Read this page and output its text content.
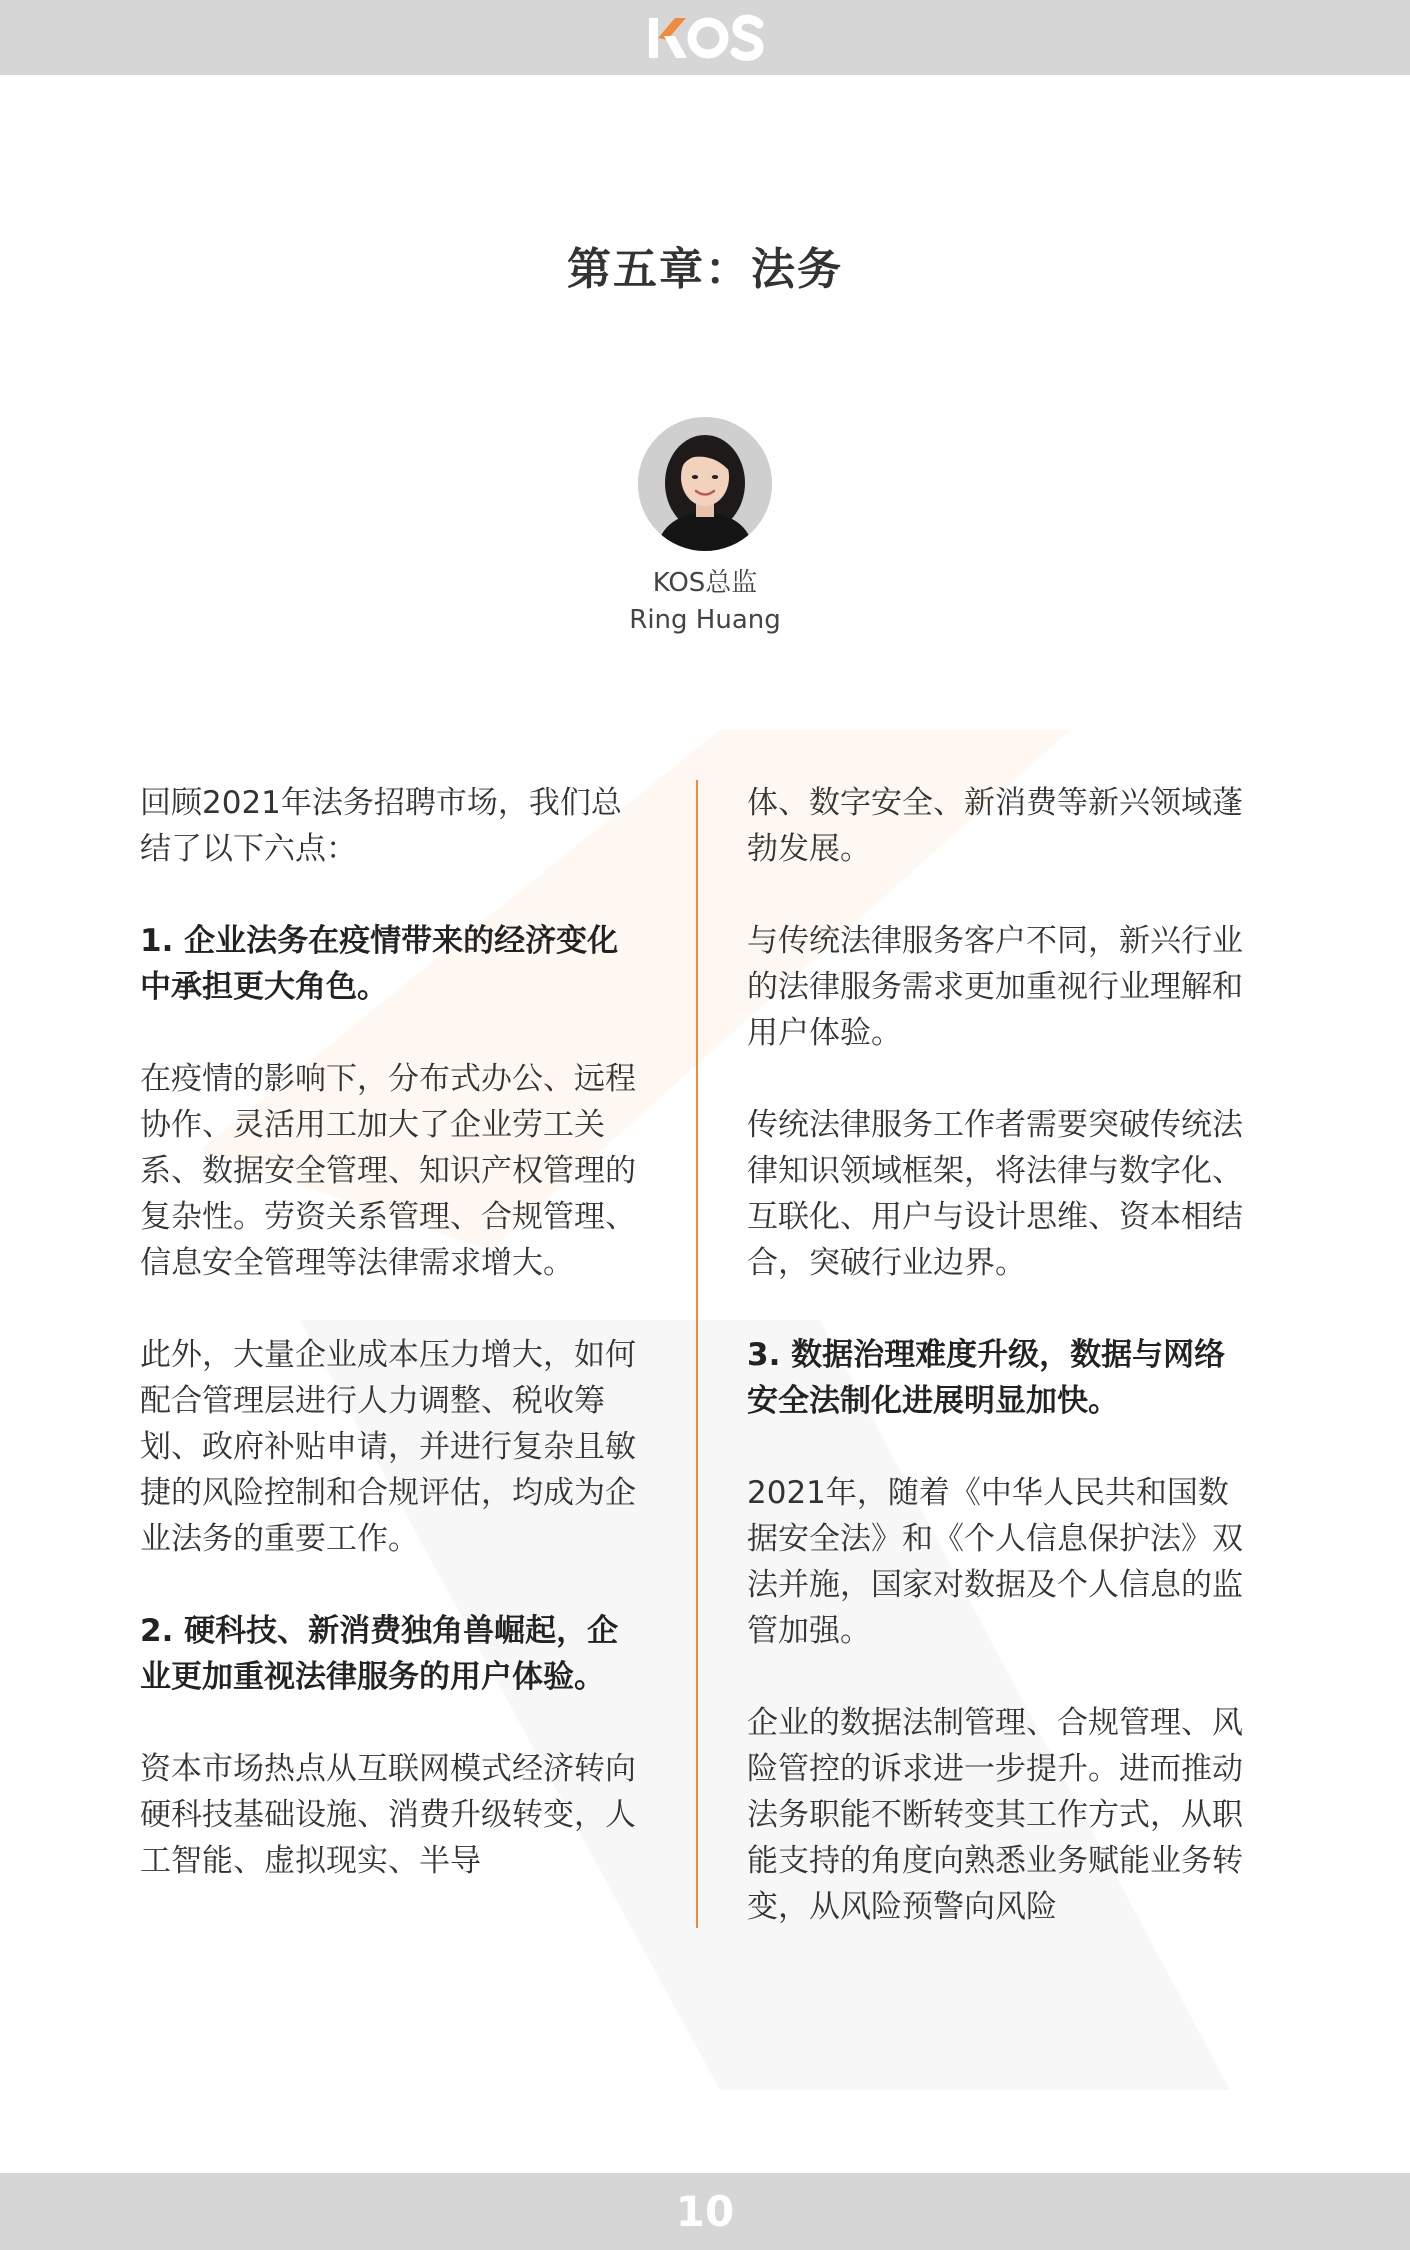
第五章：法务
KOS总监
Ring Huang

回顾2021年法务招聘市场，我们总结了以下六点：

1. 企业法务在疫情带来的经济变化中承担更大角色。

在疫情的影响下，分布式办公、远程协作、灵活用工加大了企业劳工关系、数据安全管理、知识产权管理的复杂性。劳资关系管理、合规管理、信息安全管理等法律需求增大。

此外，大量企业成本压力增大，如何配合管理层进行人力调整、税收筹划、政府补贴申请，并进行复杂且敏捷的风险控制和合规评估，均成为企业法务的重要工作。

2. 硬科技、新消费独角兽崛起，企业更加重视法律服务的用户体验。

资本市场热点从互联网模式经济转向硬科技基础设施、消费升级转变，人工智能、虚拟现实、半导

体、数字安全、新消费等新兴领域蓬勃发展。

与传统法律服务客户不同，新兴行业的法律服务需求更加重视行业理解和用户体验。

传统法律服务工作者需要突破传统法律知识领域框架，将法律与数字化、互联化、用户与设计思维、资本相结合，突破行业边界。

3. 数据治理难度升级，数据与网络安全法制化进展明显加快。

2021年，随着《中华人民共和国数据安全法》和《个人信息保护法》双法并施，国家对数据及个人信息的监管加强。

企业的数据法制管理、合规管理、风险管控的诉求进一步提升。进而推动法务职能不断转变其工作方式，从职能支持的角度向熟悉业务赋能业务转变，从风险预警向风险

10
